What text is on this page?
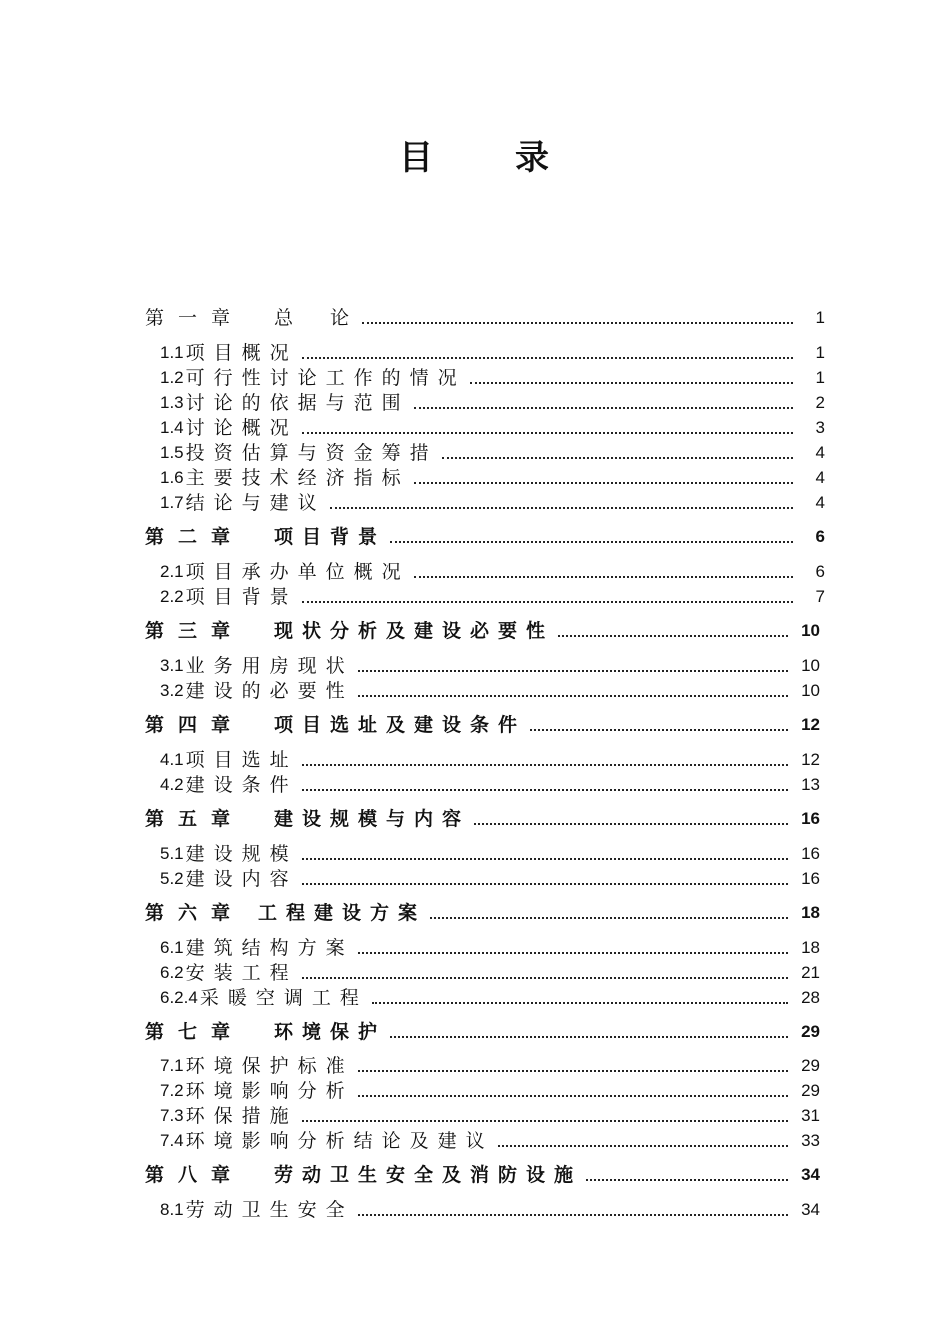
目 录
第一章 总　论	1
1.1 项目概况	1
1.2 可行性讨论工作的情况	1
1.3 讨论的依据与范围	2
1.4 讨论概况	3
1.5 投资估算与资金筹措	4
1.6 主要技术经济指标	4
1.7 结论与建议	4
第二章 项目背景	6
2.1 项目承办单位概况	6
2.2 项目背景	7
第三章 现状分析及建设必要性	10
3.1 业务用房现状	10
3.2 建设的必要性	10
第四章 项目选址及建设条件	12
4.1 项目选址	12
4.2 建设条件	13
第五章 建设规模与内容	16
5.1 建设规模	16
5.2 建设内容	16
第六章 工程建设方案	18
6.1 建筑结构方案	18
6.2 安装工程	21
6.2.4 采暖空调工程	28
第七章 环境保护	29
7.1 环境保护标准	29
7.2 环境影响分析	29
7.3 环保措施	31
7.4 环境影响分析结论及建议	33
第八章 劳动卫生安全及消防设施	34
8.1 劳动卫生安全	34
